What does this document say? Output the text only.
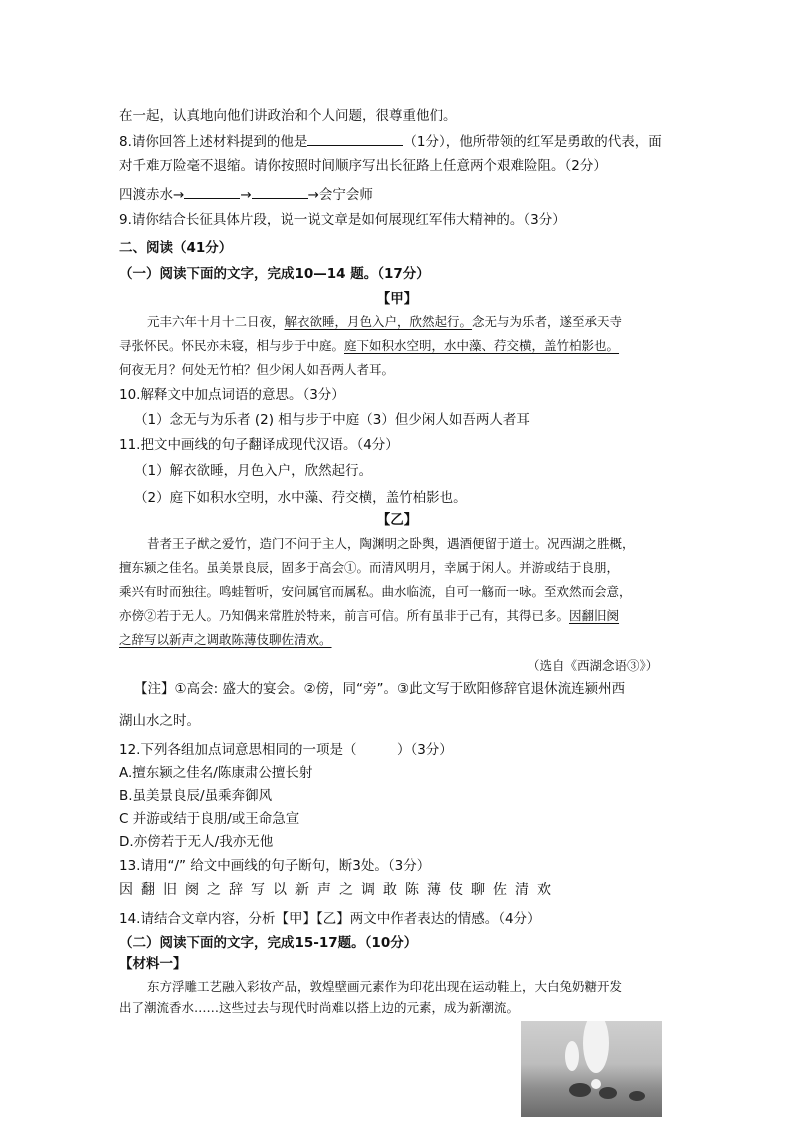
在一起，认真地向他们讲政治和个人问题，很尊重他们。
8.请你回答上述材料提到的他是	（1分），他所带领的红军是勇敢的代表，面
对千难万险毫不退缩。请你按照时间顺序写出长征路上任意两个艰难险阻。（2分）
四渡赤水→	→	→会宁会师
9.请你结合长征具体片段，说一说文章是如何展现红军伟大精神的。（3分）
二、阅读（41分）
（一）阅读下面的文字，完成10—14 题。（17分）
【甲】
元丰六年十月十二日夜，解衣欲睡，月色入户，欣然起行。念无与为乐者，遂至承天寺
寻张怀民。怀民亦未寝，相与步于中庭。庭下如积水空明，水中藻、荇交横，盖竹柏影也。
何夜无月？何处无竹柏？但少闲人如吾两人者耳。
10.解释文中加点词语的意思。（3分）
（1）念无与为乐者 (2) 相与步于中庭（3）但少闲人如吾两人者耳
11.把文中画线的句子翻译成现代汉语。（4分）
（1）解衣欲睡，月色入户，欣然起行。
（2）庭下如积水空明，水中藻、荇交横，盖竹柏影也。
【乙】
昔者王子猷之爱竹，造门不问于主人，陶渊明之卧舆，遇酒便留于道士。况西湖之胜概，
擅东颍之佳名。虽美景良辰，固多于高会①。而清风明月，幸属于闲人。并游或结于良朋，
乘兴有时而独往。鸣蛙暂听，安问属官而属私。曲水临流，自可一觞而一咏。至欢然而会意，
亦傍②若于无人。乃知偶来常胜於特来，前言可信。所有虽非于己有，其得已多。因翻旧阕
之辞写以新声之调敢陈薄伎聊佐清欢。
（选自《西湖念语③》）
【注】①高会: 盛大的宴会。②傍，同“旁”。③此文写于欧阳修辞官退休流连颍州西
湖山水之时。
12.下列各组加点词意思相同的一项是（　　　）（3分）
A.擅东颍之佳名/陈康肃公擅长射
B.虽美景良辰/虽乘奔御风
C 并游或结于良朋/或王命急宣
D.亦傍若于无人/我亦无他
13.请用“/” 给文中画线的句子断句，断3处。（3分）
因翻旧阕之辞写以新声之调敢陈薄伎聊佐清欢
14.请结合文章内容，分析【甲】【乙】两文中作者表达的情感。（4分）
（二）阅读下面的文字，完成15-17题。（10分）
【材料一】
东方浮雕工艺融入彩妆产品，敦煌壁画元素作为印花出现在运动鞋上，大白兔奶糖开发
出了潮流香水……这些过去与现代时尚难以搭上边的元素，成为新潮流。
